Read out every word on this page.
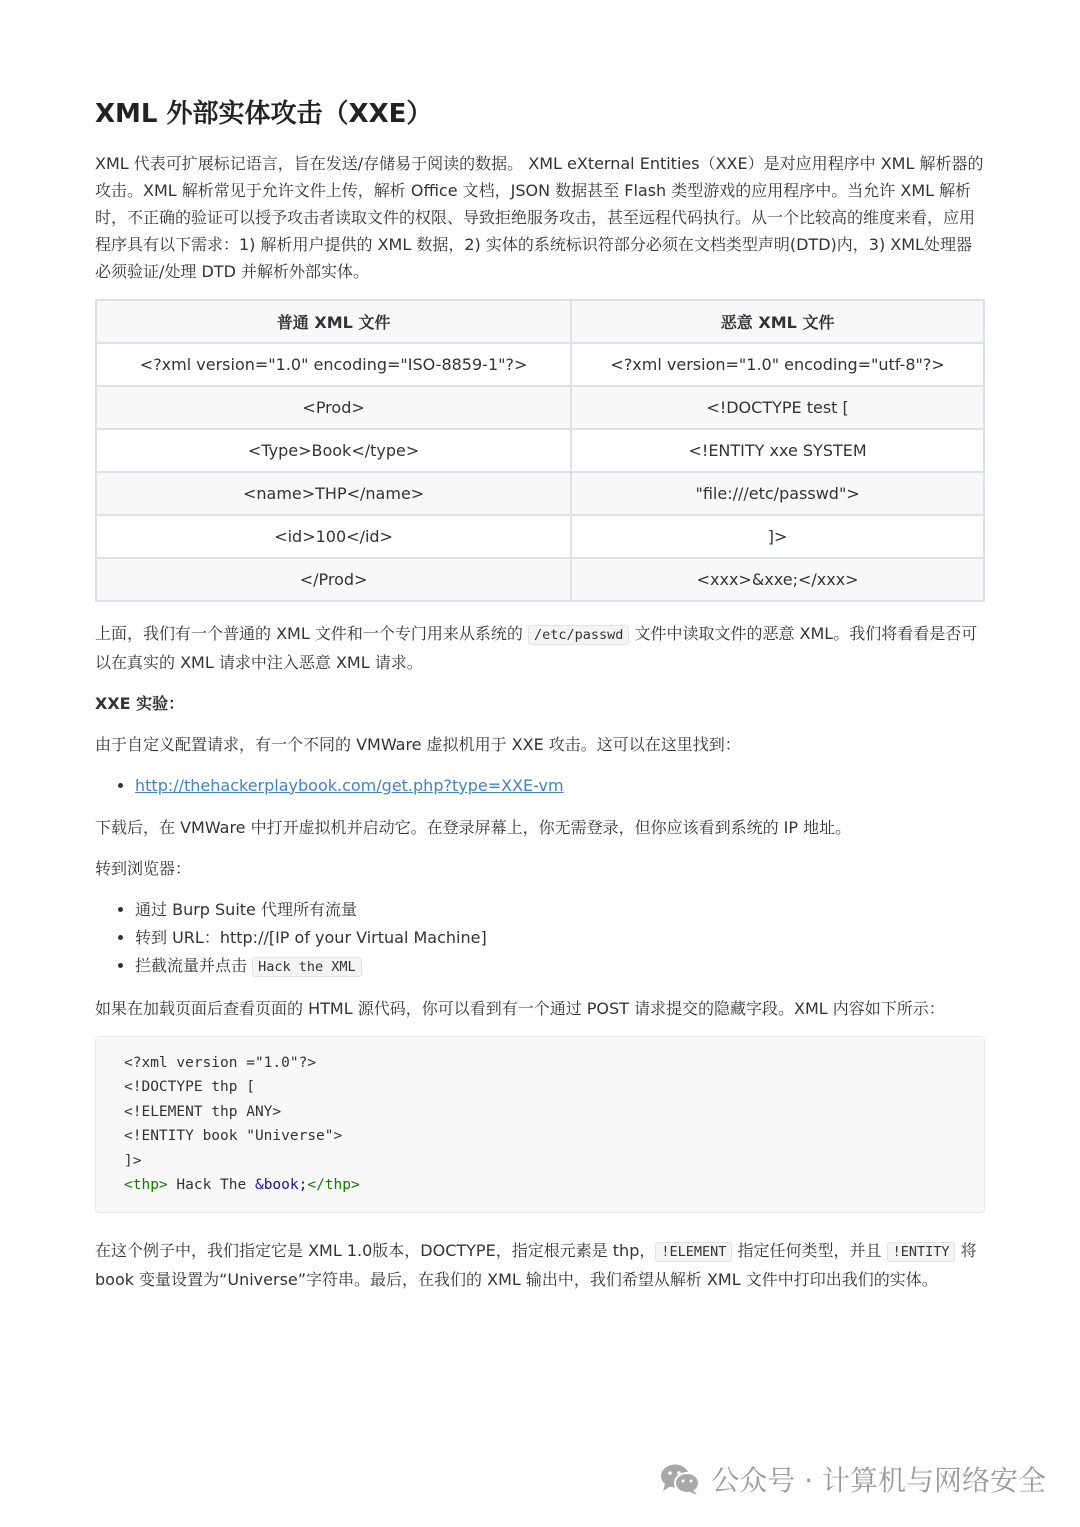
XML 外部实体攻击（XXE）

XML 代表可扩展标记语言，旨在发送/存储易于阅读的数据。 XML eXternal Entities（XXE）是对应用程序中 XML 解析器的攻击。XML 解析常见于允许文件上传，解析 Office 文档，JSON 数据甚至 Flash 类型游戏的应用程序中。当允许 XML 解析时，不正确的验证可以授予攻击者读取文件的权限、导致拒绝服务攻击，甚至远程代码执行。从一个比较高的维度来看，应用程序具有以下需求：1) 解析用户提供的 XML 数据，2) 实体的系统标识符部分必须在文档类型声明(DTD)内，3) XML处理器必须验证/处理 DTD 并解析外部实体。

普通 XML 文件	恶意 XML 文件
<?xml version="1.0" encoding="ISO-8859-1"?>	<?xml version="1.0" encoding="utf-8"?>
<Prod>	<!DOCTYPE test [
<Type>Book</type>	<!ENTITY xxe SYSTEM
<name>THP</name>	"file:///etc/passwd">
<id>100</id>	]>
</Prod>	<xxx>&xxe;</xxx>

上面，我们有一个普通的 XML 文件和一个专门用来从系统的 /etc/passwd 文件中读取文件的恶意 XML。我们将看看是否可以在真实的 XML 请求中注入恶意 XML 请求。

XXE 实验：

由于自定义配置请求，有一个不同的 VMWare 虚拟机用于 XXE 攻击。这可以在这里找到：

• http://thehackerplaybook.com/get.php?type=XXE-vm

下载后，在 VMWare 中打开虚拟机并启动它。在登录屏幕上，你无需登录，但你应该看到系统的 IP 地址。

转到浏览器：

• 通过 Burp Suite 代理所有流量
• 转到 URL：http://[IP of your Virtual Machine]
• 拦截流量并点击 Hack the XML

如果在加载页面后查看页面的 HTML 源代码，你可以看到有一个通过 POST 请求提交的隐藏字段。XML 内容如下所示：

<?xml version ="1.0"?>
<!DOCTYPE thp [
<!ELEMENT thp ANY>
<!ENTITY book "Universe">
]>
<thp> Hack The &book;</thp>

在这个例子中，我们指定它是 XML 1.0版本，DOCTYPE，指定根元素是 thp， !ELEMENT 指定任何类型，并且 !ENTITY 将 book 变量设置为“Universe”字符串。最后，在我们的 XML 输出中，我们希望从解析 XML 文件中打印出我们的实体。

公众号 · 计算机与网络安全
